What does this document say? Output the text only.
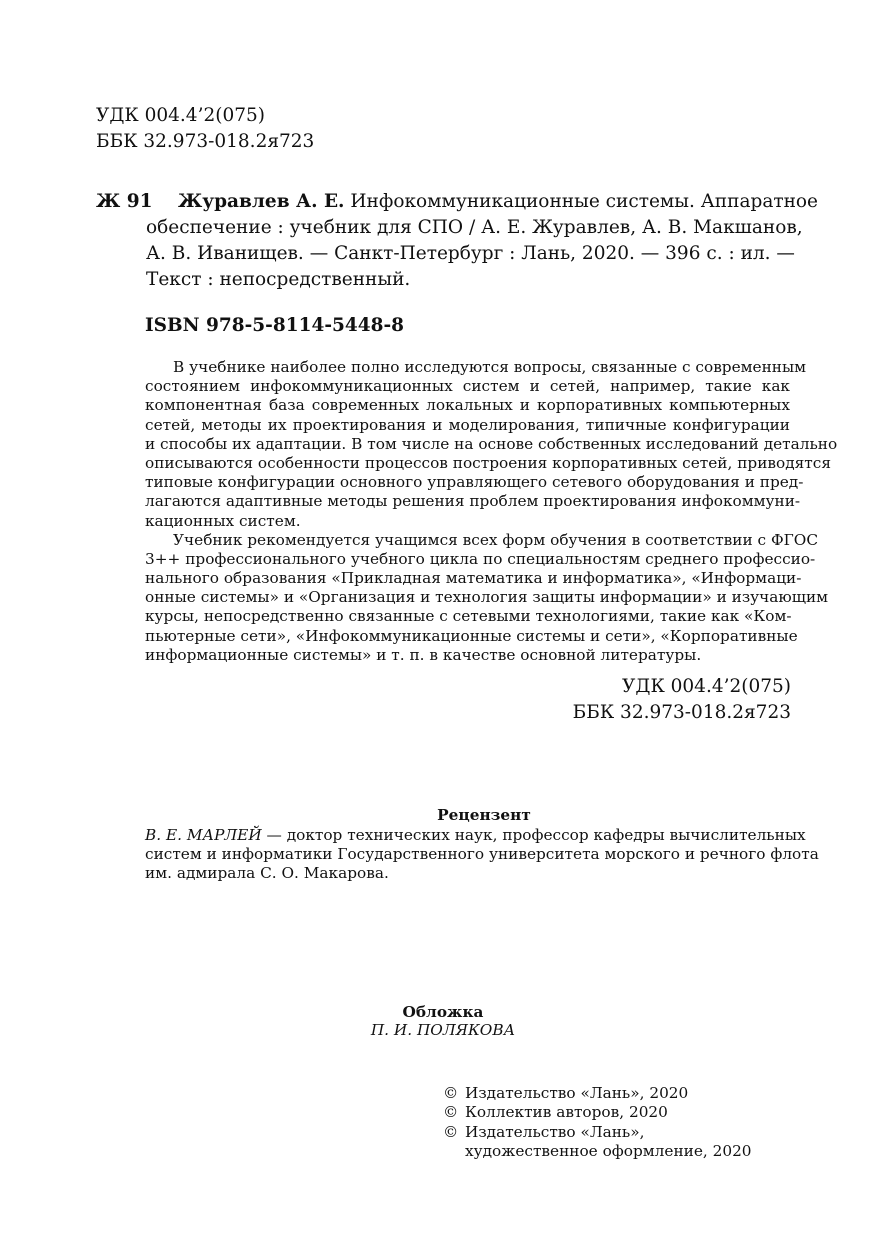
УДК 004.4’2(075)
ББК 32.973-018.2я723
Ж 91 Журавлев А. Е. Инфокоммуникационные системы. Аппаратное
обеспечение : учебник для СПО / А. Е. Журавлев, А. В. Макшанов,
А. В. Иванищев. — Санкт-Петербург : Лань, 2020. — 396 с. : ил. —
Текст : непосредственный.
ISBN 978-5-8114-5448-8
В учебнике наиболее полно исследуются вопросы, связанные с современным
состоянием инфокоммуникационных систем и сетей, например, такие как
компонентная база современных локальных и корпоративных компьютерных
сетей, методы их проектирования и моделирования, типичные конфигурации
и способы их адаптации. В том числе на основе собственных исследований детально
описываются особенности процессов построения корпоративных сетей, приводятся
типовые конфигурации основного управляющего сетевого оборудования и пред-
лагаются адаптивные методы решения проблем проектирования инфокоммуни-
кационных систем.
Учебник рекомендуется учащимся всех форм обучения в соответствии с ФГОС
3++ профессионального учебного цикла по специальностям среднего профессио-
нального образования «Прикладная математика и информатика», «Информаци-
онные системы» и «Организация и технология защиты информации» и изучающим
курсы, непосредственно связанные с сетевыми технологиями, такие как «Ком-
пьютерные сети», «Инфокоммуникационные системы и сети», «Корпоративные
информационные системы» и т. п. в качестве основной литературы.
УДК 004.4’2(075)
ББК 32.973-018.2я723
Рецензент
В. Е. МАРЛЕЙ — доктор технических наук, профессор кафедры вычислительных
систем и информатики Государственного университета морского и речного флота
им. адмирала С. О. Макарова.
Обложка
П. И. ПОЛЯКОВА
© Издательство «Лань», 2020
© Коллектив авторов, 2020
© Издательство «Лань»,
художественное оформление, 2020
